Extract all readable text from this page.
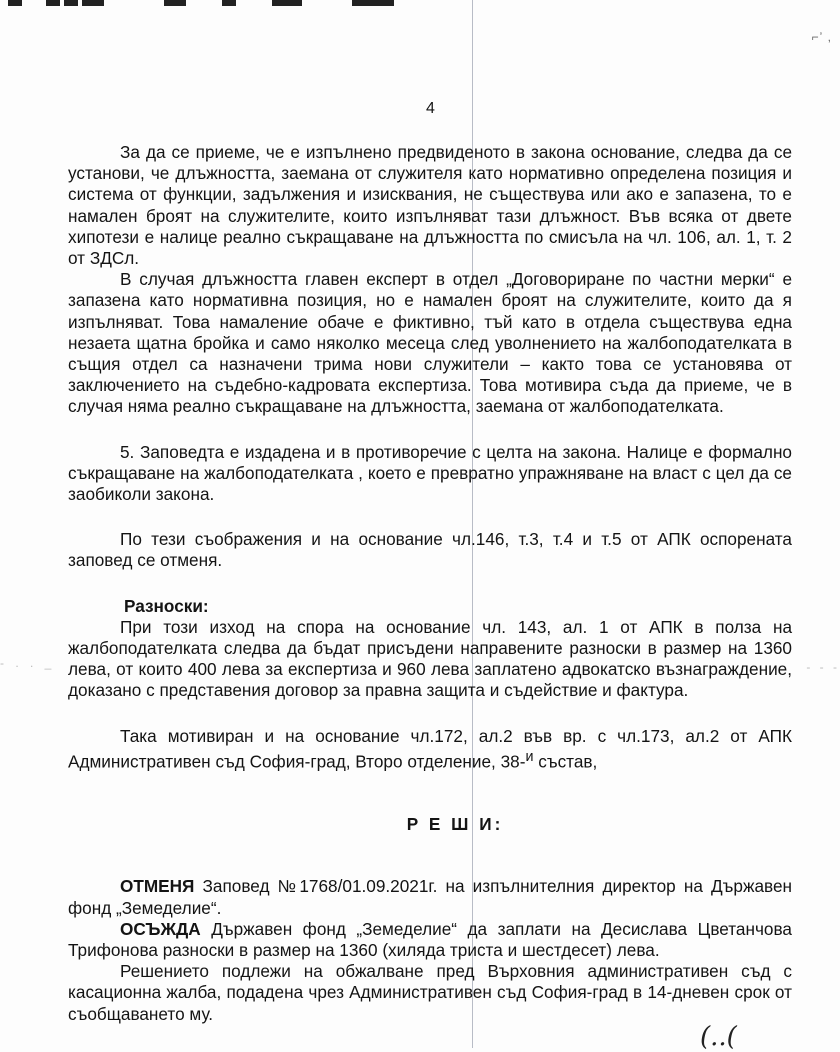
⌐ʼ ,
4
- . . _	- - -

За да се приеме, че е изпълнено предвиденото в закона основание, следва да се установи, че длъжността, заемана от служителя като нормативно определена позиция и система от функции, задължения и изисквания, не съществува или ако е запазена, то е намален броят на служителите, които изпълняват тази длъжност. Във всяка от двете хипотези е налице реално съкращаване на длъжността по смисъла на чл. 106, ал. 1, т. 2 от ЗДСл.

В случая длъжността главен експерт в отдел „Договориране по частни мерки“ е запазена като нормативна позиция, но е намален броят на служителите, които да я изпълняват. Това намаление обаче е фиктивно, тъй като в отдела съществува една незаета щатна бройка и само няколко месеца след уволнението на жалбоподателката в същия отдел са назначени трима нови служители – както това се установява от заключението на съдебно-кадровата експертиза. Това мотивира съда да приеме, че в случая няма реално съкращаване на длъжността, заемана от жалбоподателката.

5. Заповедта е издадена и в противоречие с целта на закона. Налице е формално съкращаване на жалбоподателката , което е превратно упражняване на власт с цел да се заобиколи закона.

По тези съображения и на основание чл.146, т.3, т.4 и т.5 от АПК оспорената заповед се отменя.

Разноски:

При този изход на спора на основание чл. 143, ал. 1 от АПК в полза на жалбоподателката следва да бъдат присъдени направените разноски в размер на 1360 лева, от които 400 лева за експертиза и 960 лева заплатено адвокатско възнаграждение, доказано с представения договор за правна защита и съдействие и фактура.

Така мотивиран и на основание чл.172, ал.2 във вр. с чл.173, ал.2 от АПК Административен съд София-град, Второ отделение, 38-$^и$ състав,

Р Е Ш И:

ОТМЕНЯ Заповед №1768/01.09.2021г. на изпълнителния директор на Държавен фонд „Земеделие“.

ОСЪЖДА Държавен фонд „Земеделие“ да заплати на Десислава Цветанчова Трифонова разноски в размер на 1360 (хиляда триста и шестдесет) лева.

Решението подлежи на обжалване пред Върховния административен съд с касационна жалба, подадена чрез Административен съд София-град в 14-дневен срок от съобщаването му.

(..(
